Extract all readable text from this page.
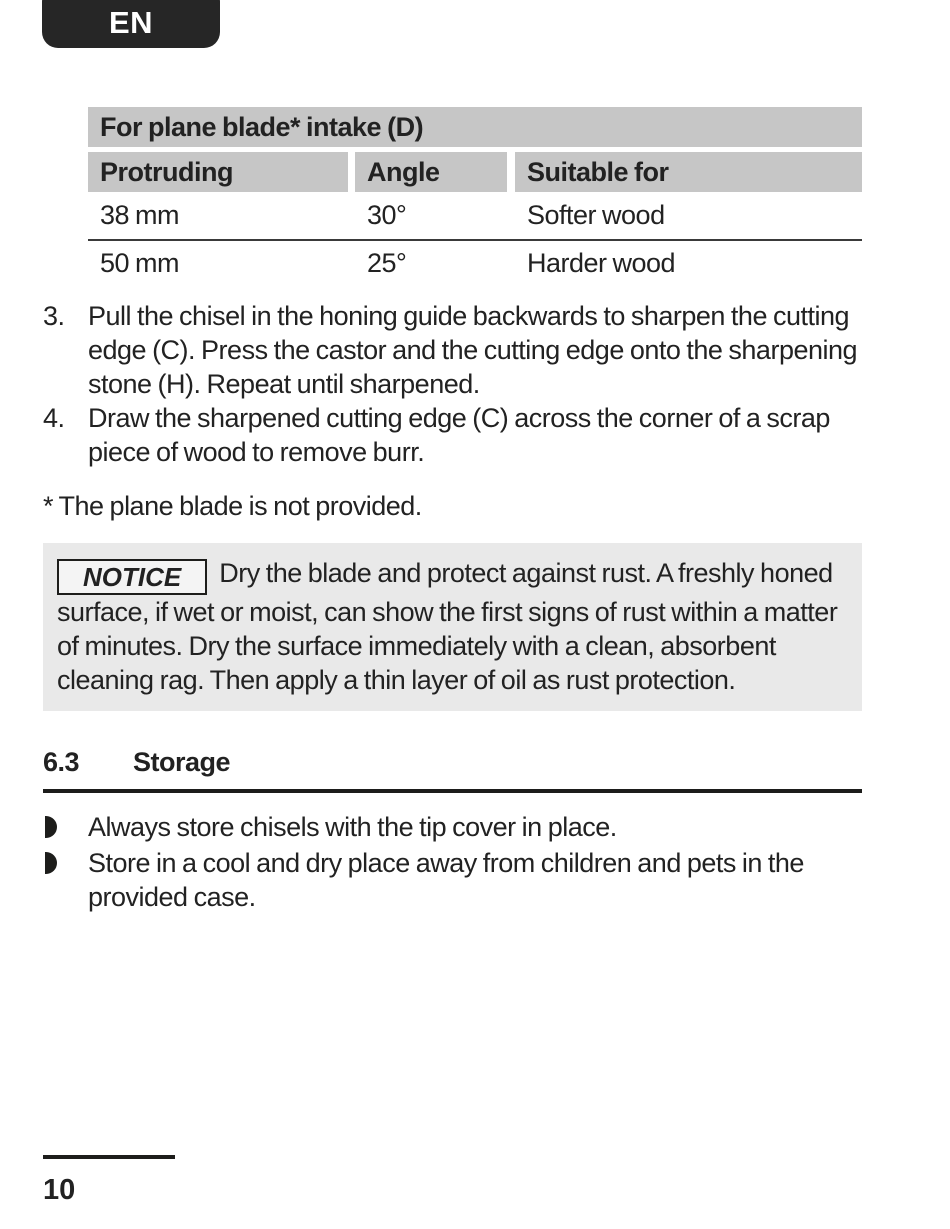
EN
For plane blade* intake (D)
Protruding	Angle	Suitable for
38 mm	30°	Softer wood
50 mm	25°	Harder wood
3. Pull the chisel in the honing guide backwards to sharpen the cutting edge (C). Press the castor and the cutting edge onto the sharpening stone (H). Repeat until sharpened.
4. Draw the sharpened cutting edge (C) across the corner of a scrap piece of wood to remove burr.
* The plane blade is not provided.

NOTICE Dry the blade and protect against rust. A freshly honed surface, if wet or moist, can show the first signs of rust within a matter of minutes. Dry the surface immediately with a clean, absorbent cleaning rag. Then apply a thin layer of oil as rust protection.

6.3	Storage
Always store chisels with the tip cover in place.
Store in a cool and dry place away from children and pets in the provided case.
10
